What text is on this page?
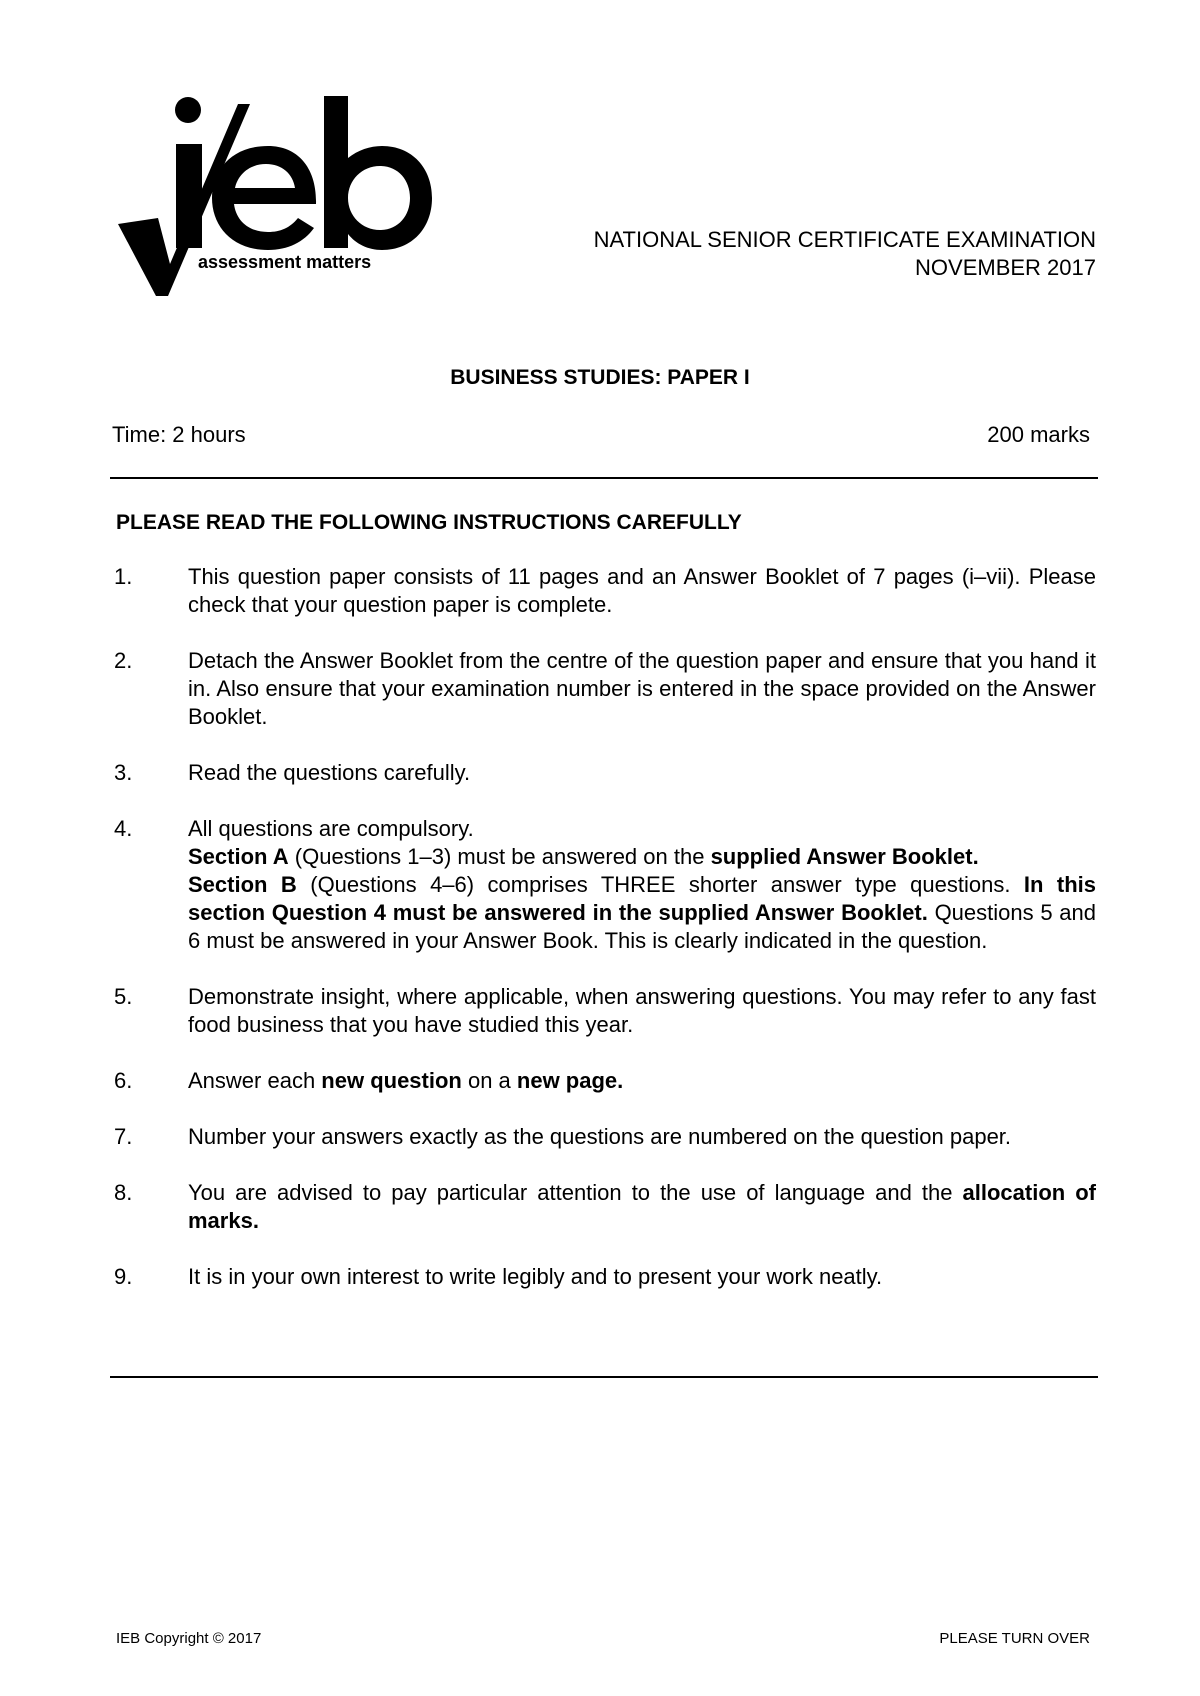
assessment matters
NATIONAL SENIOR CERTIFICATE EXAMINATION
NOVEMBER 2017
BUSINESS STUDIES: PAPER I
Time: 2 hours	200 marks
PLEASE READ THE FOLLOWING INSTRUCTIONS CAREFULLY
1.	This question paper consists of 11 pages and an Answer Booklet of 7 pages (i–vii). Please check that your question paper is complete.
2.	Detach the Answer Booklet from the centre of the question paper and ensure that you hand it in. Also ensure that your examination number is entered in the space provided on the Answer Booklet.
3.	Read the questions carefully.
4.	All questions are compulsory.
Section A (Questions 1–3) must be answered on the supplied Answer Booklet.
Section B (Questions 4–6) comprises THREE shorter answer type questions. In this section Question 4 must be answered in the supplied Answer Booklet. Questions 5 and 6 must be answered in your Answer Book. This is clearly indicated in the question.
5.	Demonstrate insight, where applicable, when answering questions. You may refer to any fast food business that you have studied this year.
6.	Answer each new question on a new page.
7.	Number your answers exactly as the questions are numbered on the question paper.
8.	You are advised to pay particular attention to the use of language and the allocation of marks.
9.	It is in your own interest to write legibly and to present your work neatly.
IEB Copyright © 2017	PLEASE TURN OVER
